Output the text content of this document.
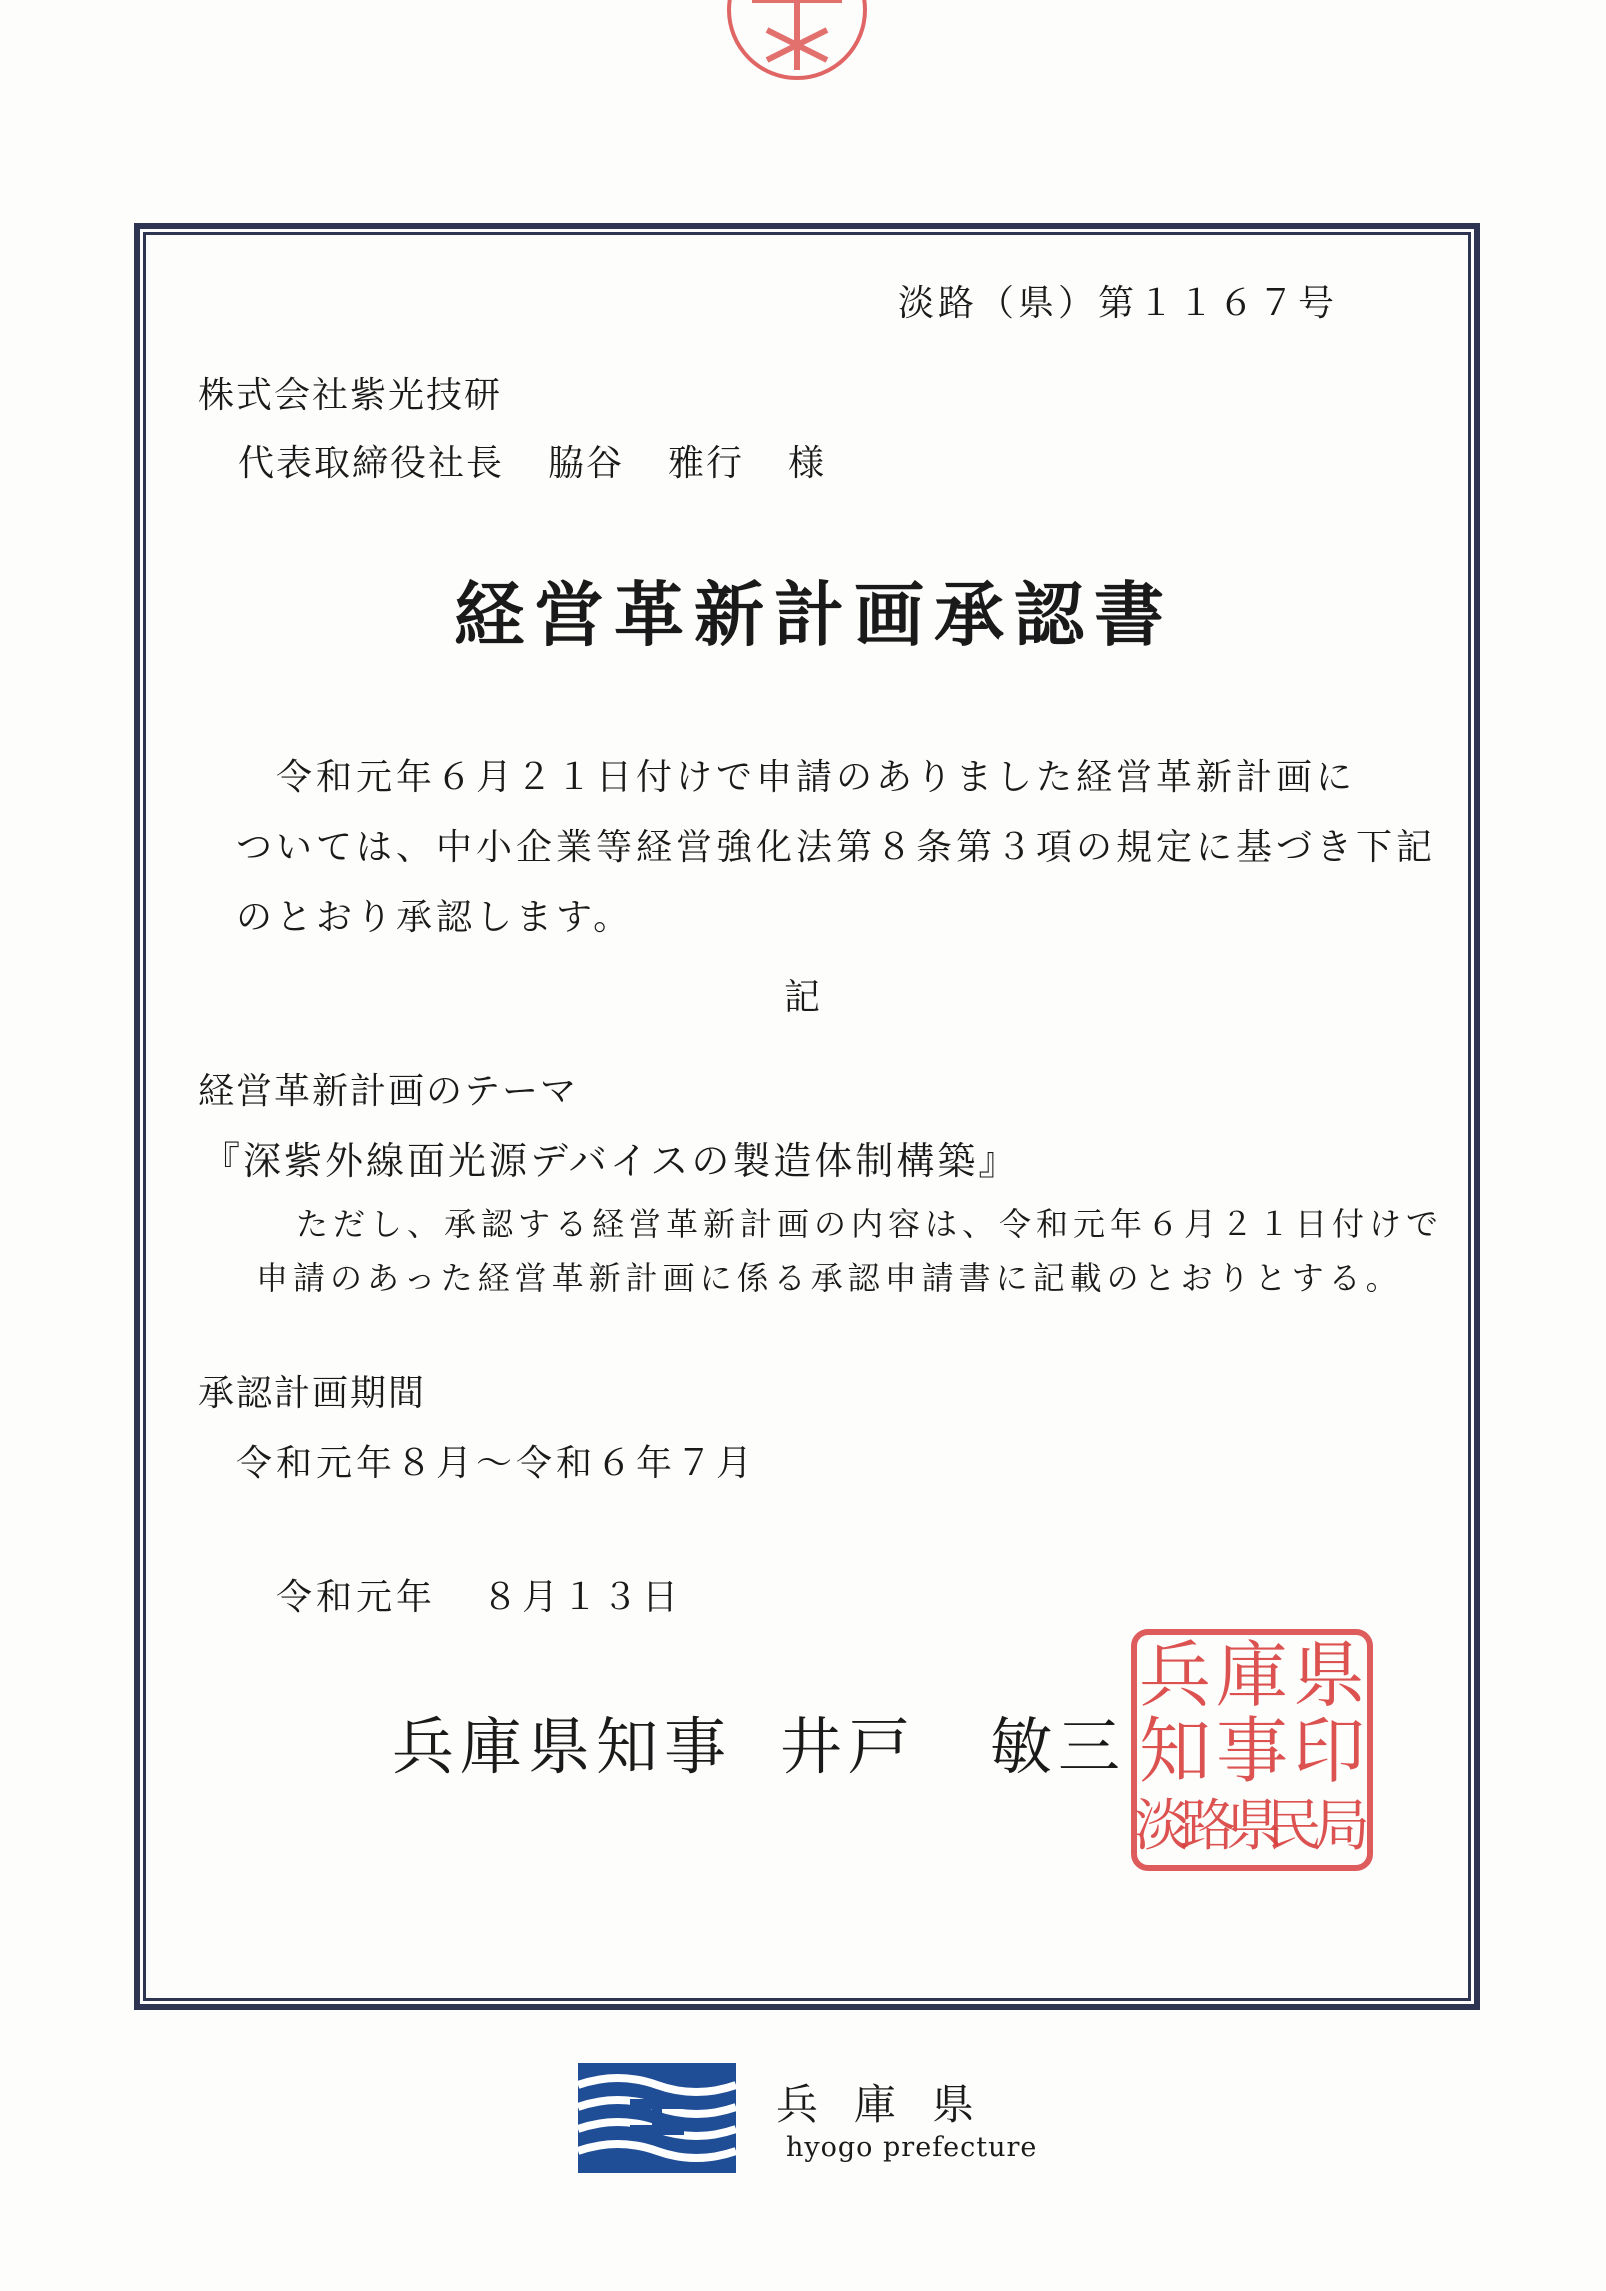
淡路（県）第１１６７号
株式会社紫光技研
代表取締役社長 脇谷 雅行 様
経営革新計画承認書
令和元年６月２１日付けで申請のありました経営革新計画に
ついては、中小企業等経営強化法第８条第３項の規定に基づき下記
のとおり承認します。
記
経営革新計画のテーマ
『深紫外線面光源デバイスの製造体制構築』
ただし、承認する経営革新計画の内容は、令和元年６月２１日付けで
申請のあった経営革新計画に係る承認申請書に記載のとおりとする。
承認計画期間
令和元年８月～令和６年７月
令和元年 ８月１３日
兵庫県知事 井戸 敏三
兵 庫 県
知 事 印
淡
路
県
民
局
兵庫県
hyogo prefecture
